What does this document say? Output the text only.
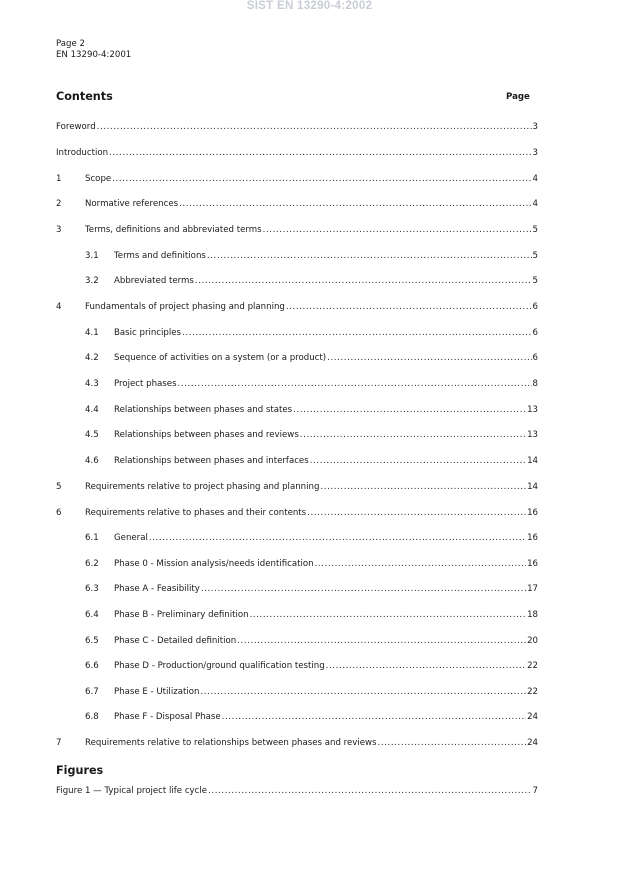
SIST EN 13290-4:2002
Page 2
EN 13290-4:2001
Contents	Page
Foreword .....	3
Introduction .....	3
1	Scope .....	4
2	Normative references .....	4
3	Terms, definitions and abbreviated terms .....	5
3.1	Terms and definitions .....	5
3.2	Abbreviated terms .....	5
4	Fundamentals of project phasing and planning .....	6
4.1	Basic principles .....	6
4.2	Sequence of activities on a system (or a product) .....	6
4.3	Project phases .....	8
4.4	Relationships between phases and states .....	13
4.5	Relationships between phases and reviews .....	13
4.6	Relationships between phases and interfaces .....	14
5	Requirements relative to project phasing and planning .....	14
6	Requirements relative to phases and their contents .....	16
6.1	General .....	16
6.2	Phase 0 - Mission analysis/needs identification .....	16
6.3	Phase A - Feasibility .....	17
6.4	Phase B - Preliminary definition .....	18
6.5	Phase C - Detailed definition .....	20
6.6	Phase D - Production/ground qualification testing .....	22
6.7	Phase E - Utilization .....	22
6.8	Phase F - Disposal Phase .....	24
7	Requirements relative to relationships between phases and reviews .....	24
Figures
Figure 1 — Typical project life cycle .....	7
